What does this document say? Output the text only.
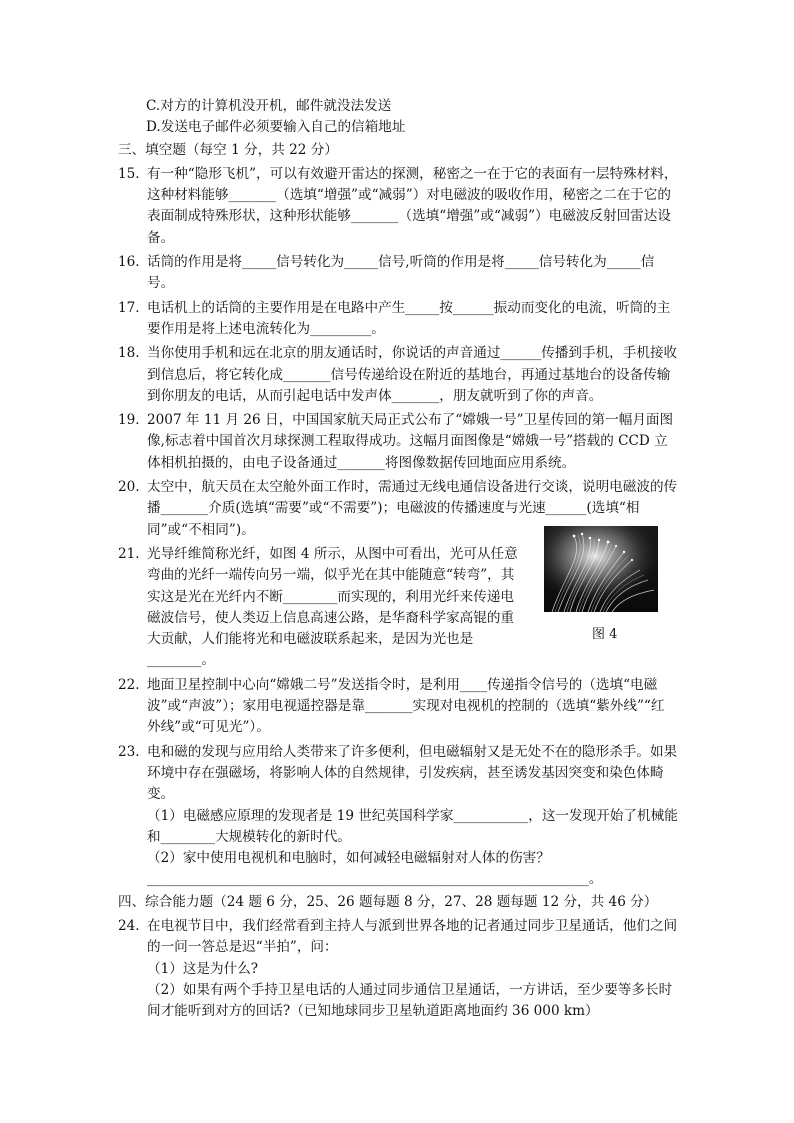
C.对方的计算机没开机，邮件就没法发送
D.发送电子邮件必须要输入自己的信箱地址
三、填空题（每空 1 分，共 22 分）
15. 有一种“隐形飞机”，可以有效避开雷达的探测，秘密之一在于它的表面有一层特殊材料，这种材料能够_______（选填“增强”或“减弱”）对电磁波的吸收作用，秘密之二在于它的表面制成特殊形状，这种形状能够_______（选填“增强”或“减弱”）电磁波反射回雷达设备。
16. 话筒的作用是将_____信号转化为_____信号,听筒的作用是将_____信号转化为_____信号。
17. 电话机上的话筒的主要作用是在电路中产生_____按______振动而变化的电流，听筒的主要作用是将上述电流转化为_________。
18. 当你使用手机和远在北京的朋友通话时，你说话的声音通过______传播到手机，手机接收到信息后，将它转化成_______信号传递给设在附近的基地台，再通过基地台的设备传输到你朋友的电话，从而引起电话中发声体_______，朋友就听到了你的声音。
19. 2007 年 11 月 26 日，中国国家航天局正式公布了“嫦娥一号”卫星传回的第一幅月面图像,标志着中国首次月球探测工程取得成功。这幅月面图像是“嫦娥一号”搭载的 CCD 立体相机拍摄的，由电子设备通过_______将图像数据传回地面应用系统。
20. 太空中，航天员在太空舱外面工作时，需通过无线电通信设备进行交谈，说明电磁波的传播_______介质(选填“需要”或“不需要”)；电磁波的传播速度与光速______(选填“相同”或“不相同”)。
21. 光导纤维简称光纤，如图 4 所示，从图中可看出，光可从任意弯曲的光纤一端传向另一端，似乎光在其中能随意“转弯”，其实这是光在光纤内不断________而实现的，利用光纤来传递电磁波信号，使人类迈上信息高速公路，是华裔科学家高锟的重大贡献，人们能将光和电磁波联系起来，是因为光也是________。
22. 地面卫星控制中心向“嫦娥二号”发送指令时，是利用____传递指令信号的（选填“电磁波”或“声波”）；家用电视遥控器是靠_______实现对电视机的控制的（选填“紫外线”“红外线”或“可见光”）。
23. 电和磁的发现与应用给人类带来了许多便利，但电磁辐射又是无处不在的隐形杀手。如果环境中存在强磁场，将影响人体的自然规律，引发疾病，甚至诱发基因突变和染色体畸变。
（1）电磁感应原理的发现者是 19 世纪英国科学家___________，这一发现开始了机械能和________大规模转化的新时代。
（2）家中使用电视机和电脑时，如何减轻电磁辐射对人体的伤害？
_________________________________________________________________。
四、综合能力题（24 题 6 分，25、26 题每题 8 分，27、28 题每题 12 分，共 46 分）
24. 在电视节目中，我们经常看到主持人与派到世界各地的记者通过同步卫星通话，他们之间的一问一答总是迟“半拍”，问：
（1）这是为什么?
（2）如果有两个手持卫星电话的人通过同步通信卫星通话，一方讲话，至少要等多长时间才能听到对方的回话?（已知地球同步卫星轨道距离地面约 36 000 km）
图 4
